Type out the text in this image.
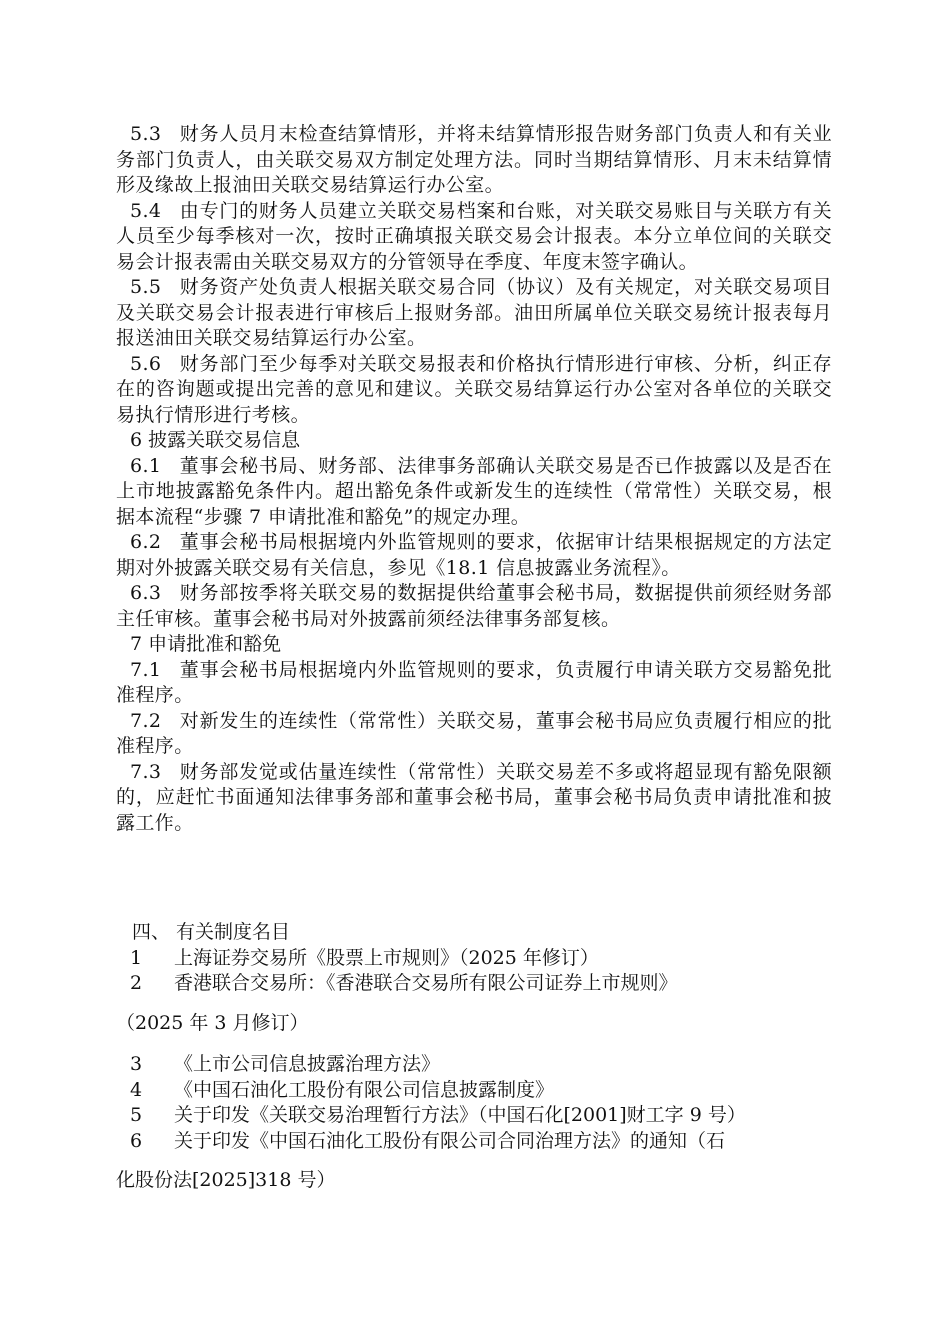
5.3 财务人员月末检查结算情形，并将未结算情形报告财务部门负责人和有关业务部门负责人，由关联交易双方制定处理方法。同时当期结算情形、月末未结算情形及缘故上报油田关联交易结算运行办公室。

5.4 由专门的财务人员建立关联交易档案和台账，对关联交易账目与关联方有关人员至少每季核对一次，按时正确填报关联交易会计报表。本分立单位间的关联交易会计报表需由关联交易双方的分管领导在季度、年度末签字确认。

5.5 财务资产处负责人根据关联交易合同（协议）及有关规定，对关联交易项目及关联交易会计报表进行审核后上报财务部。油田所属单位关联交易统计报表每月报送油田关联交易结算运行办公室。

5.6 财务部门至少每季对关联交易报表和价格执行情形进行审核、分析，纠正存在的咨询题或提出完善的意见和建议。关联交易结算运行办公室对各单位的关联交易执行情形进行考核。

6 披露关联交易信息

6.1 董事会秘书局、财务部、法律事务部确认关联交易是否已作披露以及是否在上市地披露豁免条件内。超出豁免条件或新发生的连续性（常常性）关联交易，根据本流程“步骤 7 申请批准和豁免”的规定办理。

6.2 董事会秘书局根据境内外监管规则的要求，依据审计结果根据规定的方法定期对外披露关联交易有关信息，参见《18.1 信息披露业务流程》。

6.3 财务部按季将关联交易的数据提供给董事会秘书局，数据提供前须经财务部主任审核。董事会秘书局对外披露前须经法律事务部复核。

7 申请批准和豁免

7.1 董事会秘书局根据境内外监管规则的要求，负责履行申请关联方交易豁免批准程序。

7.2 对新发生的连续性（常常性）关联交易，董事会秘书局应负责履行相应的批准程序。

7.3 财务部发觉或估量连续性（常常性）关联交易差不多或将超显现有豁免限额的，应赶忙书面通知法律事务部和董事会秘书局，董事会秘书局负责申请批准和披露工作。

四、 有关制度名目

1 上海证券交易所《股票上市规则》（2025 年修订）

2 香港联合交易所：《香港联合交易所有限公司证券上市规则》

（2025 年 3 月修订）

3 《上市公司信息披露治理方法》

4 《中国石油化工股份有限公司信息披露制度》

5 关于印发《关联交易治理暂行方法》（中国石化[2001]财工字 9 号）

6 关于印发《中国石油化工股份有限公司合同治理方法》的通知（石

化股份法[2025]318 号）
